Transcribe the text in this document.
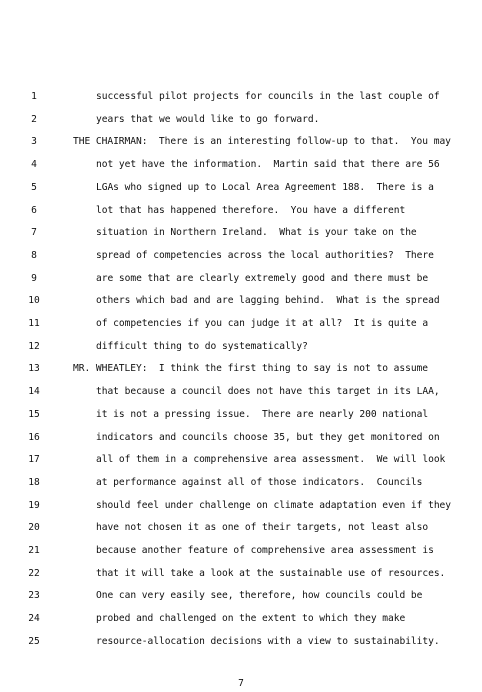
1	successful pilot projects for councils in the last couple of
2	years that we would like to go forward.
3	THE CHAIRMAN:  There is an interesting follow-up to that.  You may
4	not yet have the information.  Martin said that there are 56
5	LGAs who signed up to Local Area Agreement 188.  There is a
6	lot that has happened therefore.  You have a different
7	situation in Northern Ireland.  What is your take on the
8	spread of competencies across the local authorities?  There
9	are some that are clearly extremely good and there must be
10	others which bad and are lagging behind.  What is the spread
11	of competencies if you can judge it at all?  It is quite a
12	difficult thing to do systematically?
13	MR. WHEATLEY:  I think the first thing to say is not to assume
14	that because a council does not have this target in its LAA,
15	it is not a pressing issue.  There are nearly 200 national
16	indicators and councils choose 35, but they get monitored on
17	all of them in a comprehensive area assessment.  We will look
18	at performance against all of those indicators.  Councils
19	should feel under challenge on climate adaptation even if they
20	have not chosen it as one of their targets, not least also
21	because another feature of comprehensive area assessment is
22	that it will take a look at the sustainable use of resources.
23	One can very easily see, therefore, how councils could be
24	probed and challenged on the extent to which they make
25	resource-allocation decisions with a view to sustainability.
7
